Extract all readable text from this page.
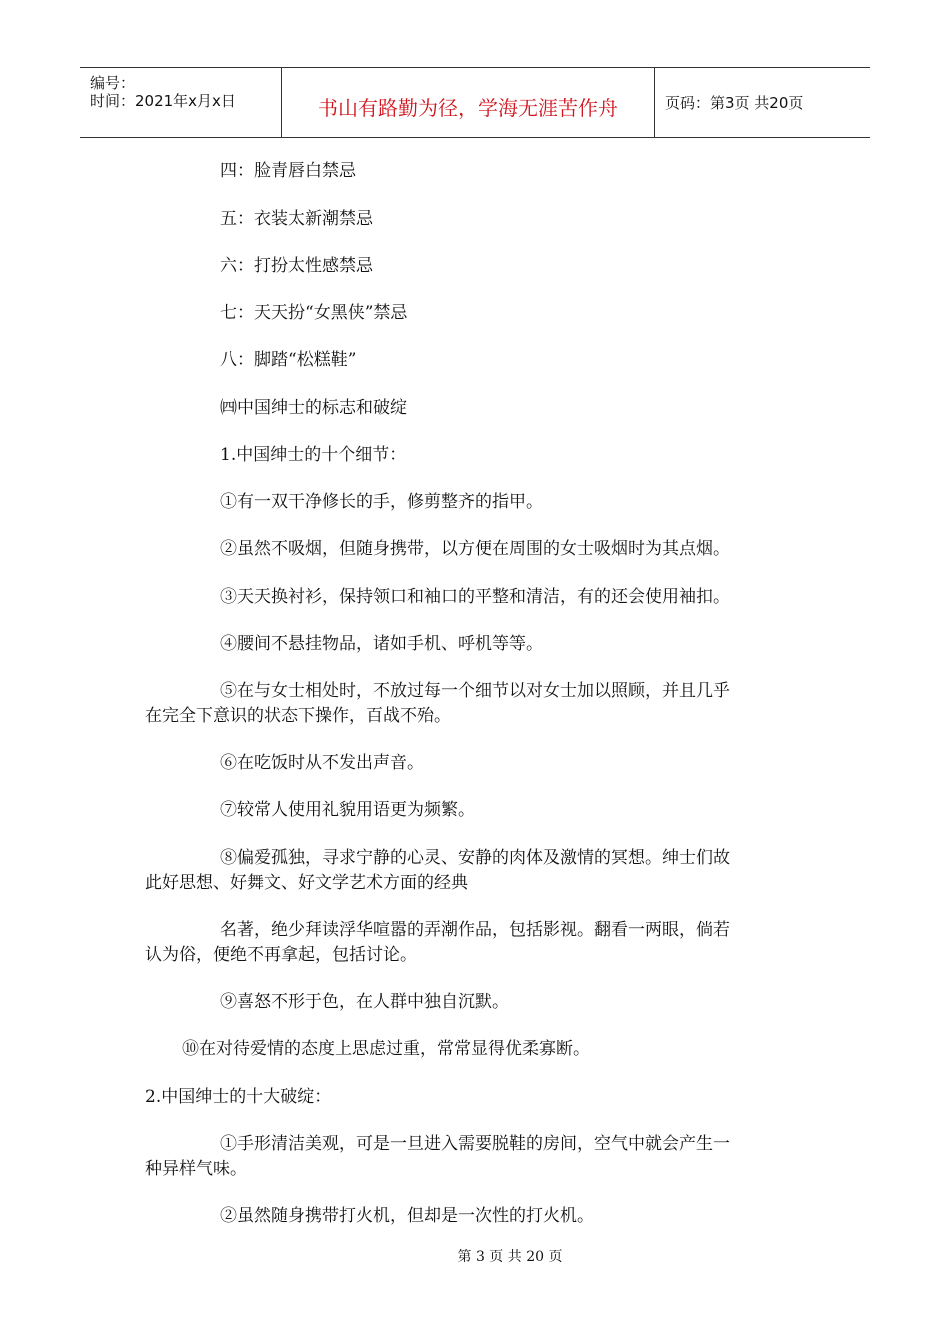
编号：
时间：2021年x月x日	书山有路勤为径，学海无涯苦作舟	页码：第3页 共20页
四：脸青唇白禁忌
五：衣装太新潮禁忌
六：打扮太性感禁忌
七：天天扮“女黑侠”禁忌
八：脚踏“松糕鞋”
㈣中国绅士的标志和破绽
1.中国绅士的十个细节：
①有一双干净修长的手，修剪整齐的指甲。
②虽然不吸烟，但随身携带，以方便在周围的女士吸烟时为其点烟。
③天天换衬衫，保持领口和袖口的平整和清洁，有的还会使用袖扣。
④腰间不悬挂物品，诸如手机、呼机等等。
⑤在与女士相处时，不放过每一个细节以对女士加以照顾，并且几乎
在完全下意识的状态下操作，百战不殆。
⑥在吃饭时从不发出声音。
⑦较常人使用礼貌用语更为频繁。
⑧偏爱孤独，寻求宁静的心灵、安静的肉体及激情的冥想。绅士们故
此好思想、好舞文、好文学艺术方面的经典
名著，绝少拜读浮华喧嚣的弄潮作品，包括影视。翻看一两眼，倘若
认为俗，便绝不再拿起，包括讨论。
⑨喜怒不形于色，在人群中独自沉默。
⑩在对待爱情的态度上思虑过重，常常显得优柔寡断。
2.中国绅士的十大破绽：
①手形清洁美观，可是一旦进入需要脱鞋的房间，空气中就会产生一
种异样气味。
②虽然随身携带打火机，但却是一次性的打火机。
第 3 页 共 20 页
